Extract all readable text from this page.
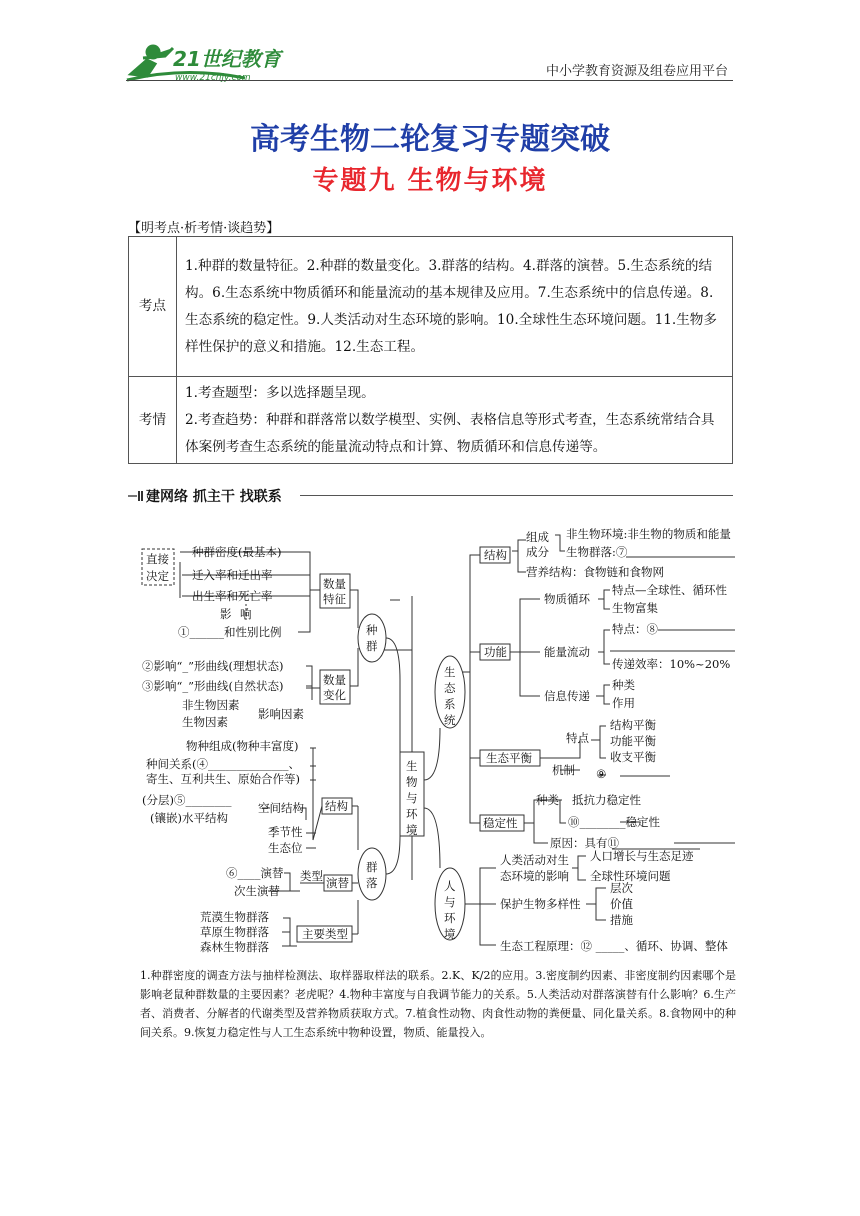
21世纪教育
www.21cnjy.com	中小学教育资源及组卷应用平台
高考生物二轮复习专题突破
专题九 生物与环境
【明考点·析考情·谈趋势】
考点	1.种群的数量特征。2.种群的数量变化。3.群落的结构。4.群落的演替。5.生态系统的结构。6.生态系统中物质循环和能量流动的基本规律及应用。7.生态系统中的信息传递。8.生态系统的稳定性。9.人类活动对生态环境的影响。10.全球性生态环境问题。11.生物多样性保护的意义和措施。12.生态工程。
考情	1.考查题型：多以选择题呈现。
2.考查趋势：种群和群落常以数学模型、实例、表格信息等形式考查，生态系统常结合具体案例考查生态系统的能量流动特点和计算、物质循环和信息传递等。
建网络 抓主干 找联系
生
物
与
环
境
种
群
群
落
生
态
系
统
人
与
环
境
数量
特征
数量
变化
直接
决定
种群密度(最基本)
迁入率和迁出率
出生率和死亡率
影 响
①______和性别比例
②影响“_”形曲线(理想状态)
③影响“_”形曲线(自然状态)
非生物因素
生物因素
影响因素
物种组成(物种丰富度)
种间关系(④______________、
寄生、互利共生、原始合作等)
(分层)⑤________
(镶嵌)水平结构
空间结构 结构
季节性
生态位
⑥____演替
次生演替
类型 演替
荒漠生物群落
草原生物群落
森林生物群落
主要类型
结构
组成
成分
非生物环境:非生物的物质和能量
生物群落:⑦
营养结构：食物链和食物网
功能
物质循环
特点—全球性、循环性
生物富集
能量流动
特点：⑧
传递效率：10%~20%
信息传递
种类
作用
生态平衡
特点
结构平衡
功能平衡
收支平衡
机制 ⑨
稳定性
种类 抵抗力稳定性
⑩________稳定性
原因：具有⑪
人类活动对生
态环境的影响
人口增长与生态足迹
全球性环境问题
保护生物多样性
层次
价值
措施
生态工程原理：⑫ _____、循环、协调、整体
1.种群密度的调查方法与抽样检测法、取样器取样法的联系。2.K、K/2的应用。3.密度制约因素、非密度制约因素哪个是影响老鼠种群数量的主要因素？老虎呢？4.物种丰富度与自我调节能力的关系。5.人类活动对群落演替有什么影响？6.生产者、消费者、分解者的代谢类型及营养物质获取方式。7.植食性动物、肉食性动物的粪便量、同化量关系。8.食物网中的种间关系。9.恢复力稳定性与人工生态系统中物种设置，物质、能量投入。
